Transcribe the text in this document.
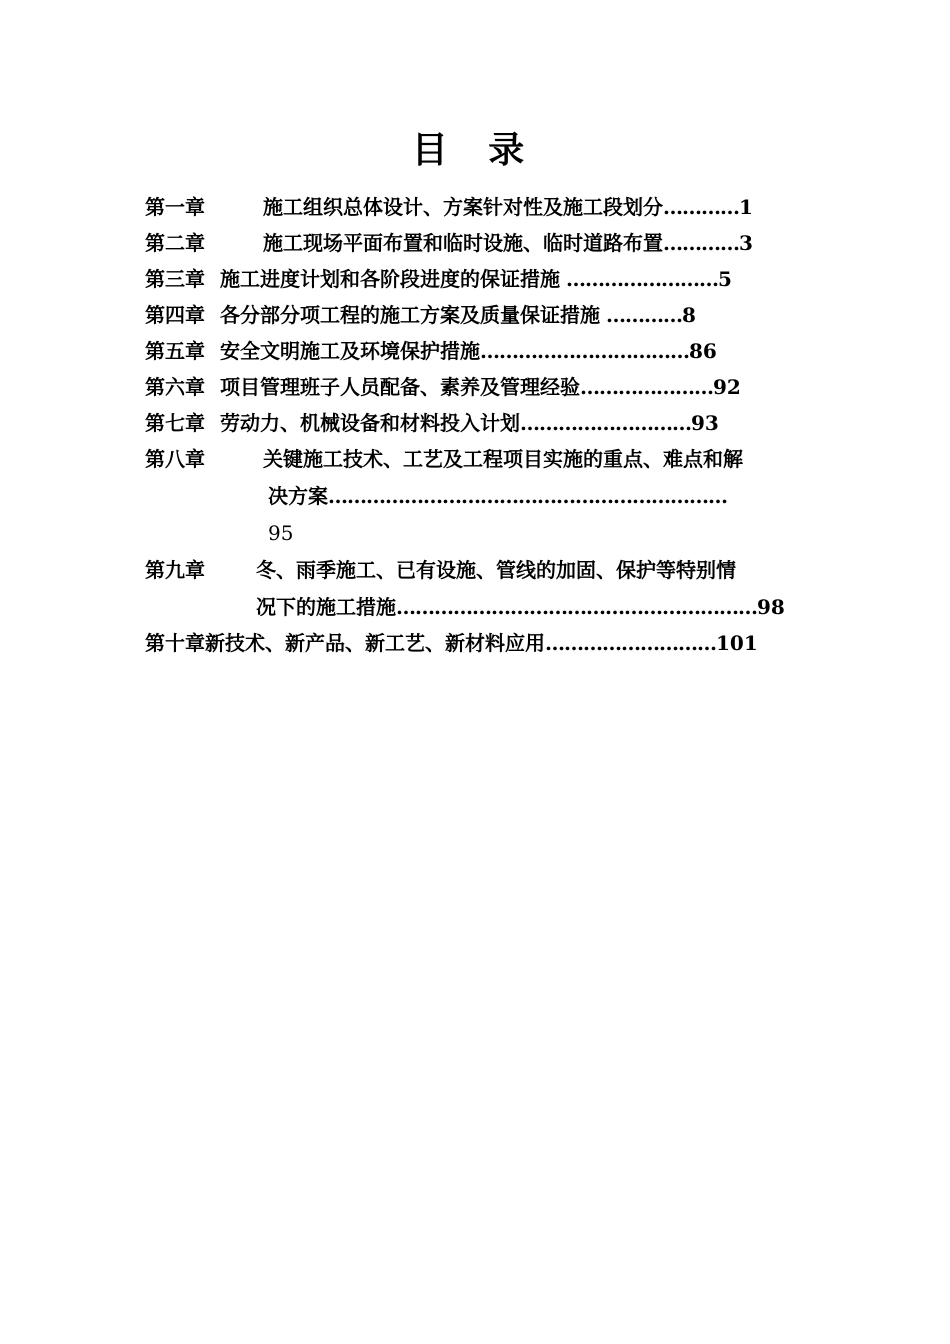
目 录
第一章	施工组织总体设计、方案针对性及施工段划分…………1
第二章	施工现场平面布置和临时设施、临时道路布置…………3
第三章 施工进度计划和各阶段进度的保证措施 ……………………5
第四章 各分部分项工程的施工方案及质量保证措施 …………8
第五章 安全文明施工及环境保护措施……………………………86
第六章 项目管理班子人员配备、素养及管理经验…………………92
第七章 劳动力、机械设备和材料投入计划………………………93
第八章	关键施工技术、工艺及工程项目实施的重点、难点和解
决方案………………………………………………………
95
第九章	冬、雨季施工、已有设施、管线的加固、保护等特别情
况下的施工措施…………………………………………………98
第十章新技术、新产品、新工艺、新材料应用………………………101
